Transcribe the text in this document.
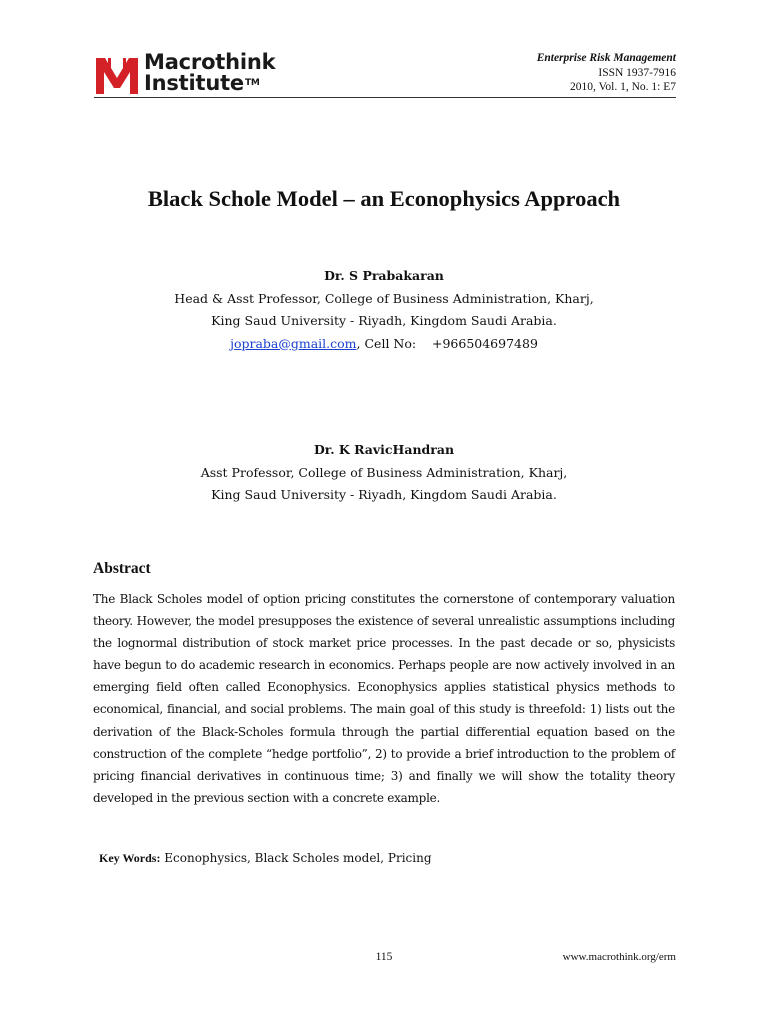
Macrothink
Institute™
Enterprise Risk Management
ISSN 1937-7916
2010, Vol. 1, No. 1: E7
Black Schole Model – an Econophysics Approach
Dr. S Prabakaran
Head & Asst Professor, College of Business Administration, Kharj,
King Saud University - Riyadh, Kingdom Saudi Arabia.
jopraba@gmail.com, Cell No:    +966504697489
Dr. K RavicHandran
Asst Professor, College of Business Administration, Kharj,
King Saud University - Riyadh, Kingdom Saudi Arabia.
Abstract

The Black Scholes model of option pricing constitutes the cornerstone of contemporary valuation theory. However, the model presupposes the existence of several unrealistic assumptions including the lognormal distribution of stock market price processes. In the past decade or so, physicists have begun to do academic research in economics. Perhaps people are now actively involved in an emerging field often called Econophysics. Econophysics applies statistical physics methods to economical, financial, and social problems. The main goal of this study is threefold: 1) lists out the derivation of the Black-Scholes formula through the partial differential equation based on the construction of the complete “hedge portfolio”, 2) to provide a brief introduction to the problem of pricing financial derivatives in continuous time; 3) and finally we will show the totality theory developed in the previous section with a concrete example.

Key Words: Econophysics, Black Scholes model, Pricing
115	www.macrothink.org/erm
